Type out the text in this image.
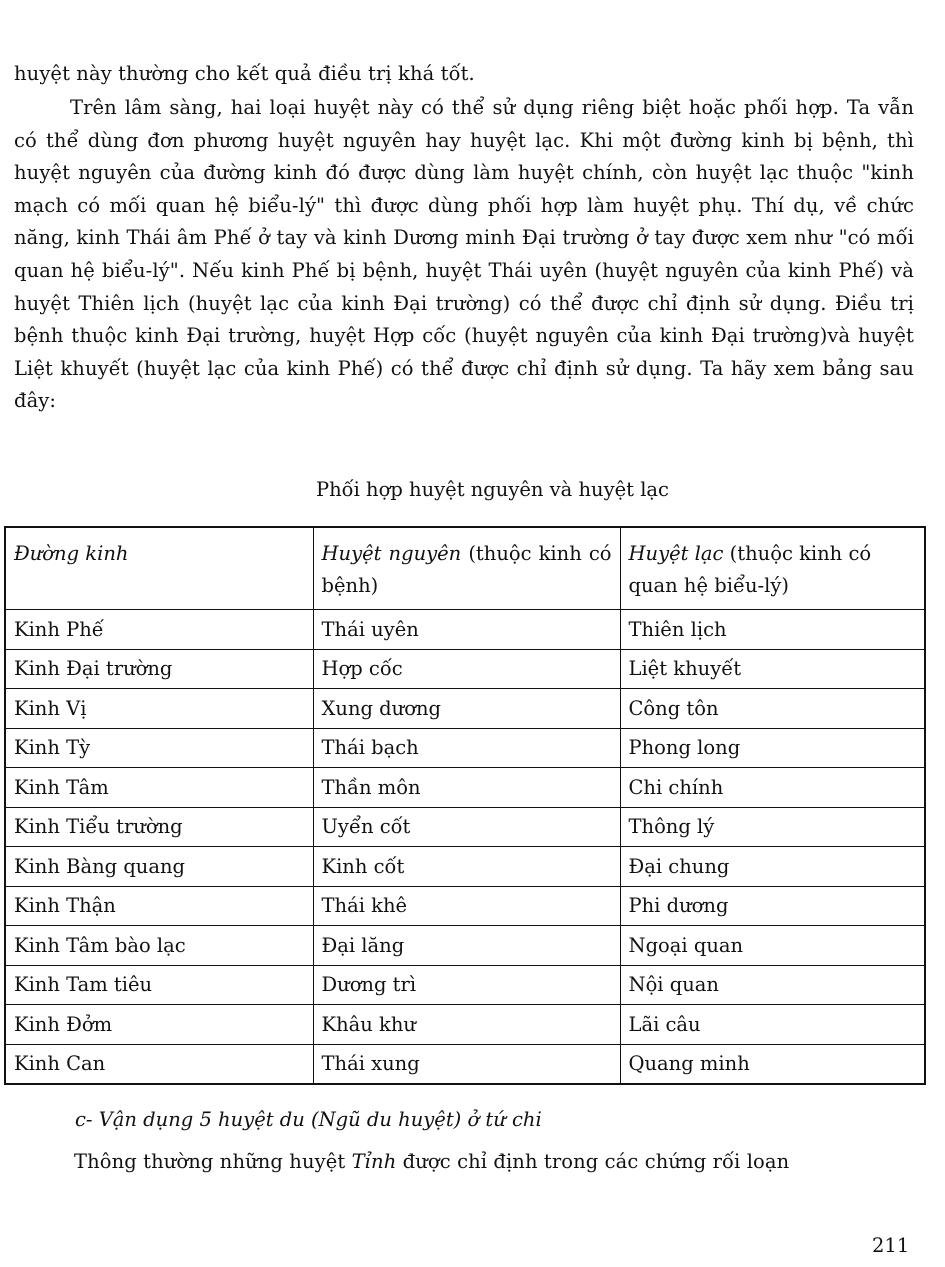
huyệt này thường cho kết quả điều trị khá tốt.
Trên lâm sàng, hai loại huyệt này có thể sử dụng riêng biệt hoặc phối hợp. Ta vẫn có thể dùng đơn phương huyệt nguyên hay huyệt lạc. Khi một đường kinh bị bệnh, thì huyệt nguyên của đường kinh đó được dùng làm huyệt chính, còn huyệt lạc thuộc "kinh mạch có mối quan hệ biểu-lý" thì được dùng phối hợp làm huyệt phụ. Thí dụ, về chức năng, kinh Thái âm Phế ở tay và kinh Dương minh Đại trường ở tay được xem như "có mối quan hệ biểu-lý". Nếu kinh Phế bị bệnh, huyệt Thái uyên (huyệt nguyên của kinh Phế) và huyệt Thiên lịch (huyệt lạc của kinh Đại trường) có thể được chỉ định sử dụng. Điều trị bệnh thuộc kinh Đại trường, huyệt Hợp cốc (huyệt nguyên của kinh Đại trường)và huyệt Liệt khuyết (huyệt lạc của kinh Phế) có thể được chỉ định sử dụng. Ta hãy xem bảng sau đây:
Phối hợp huyệt nguyên và huyệt lạc
Đường kinh	Huyệt nguyên (thuộc kinh có bệnh)	Huyệt lạc (thuộc kinh có quan hệ biểu-lý)
Kinh Phế	Thái uyên	Thiên lịch
Kinh Đại trường	Hợp cốc	Liệt khuyết
Kinh Vị	Xung dương	Công tôn
Kinh Tỳ	Thái bạch	Phong long
Kinh Tâm	Thần môn	Chi chính
Kinh Tiểu trường	Uyển cốt	Thông lý
Kinh Bàng quang	Kinh cốt	Đại chung
Kinh Thận	Thái khê	Phi dương
Kinh Tâm bào lạc	Đại lăng	Ngoại quan
Kinh Tam tiêu	Dương trì	Nội quan
Kinh Đởm	Khâu khư	Lãi câu
Kinh Can	Thái xung	Quang minh
c- Vận dụng 5 huyệt du (Ngũ du huyệt) ở tứ chi
Thông thường những huyệt Tỉnh được chỉ định trong các chứng rối loạn
211
